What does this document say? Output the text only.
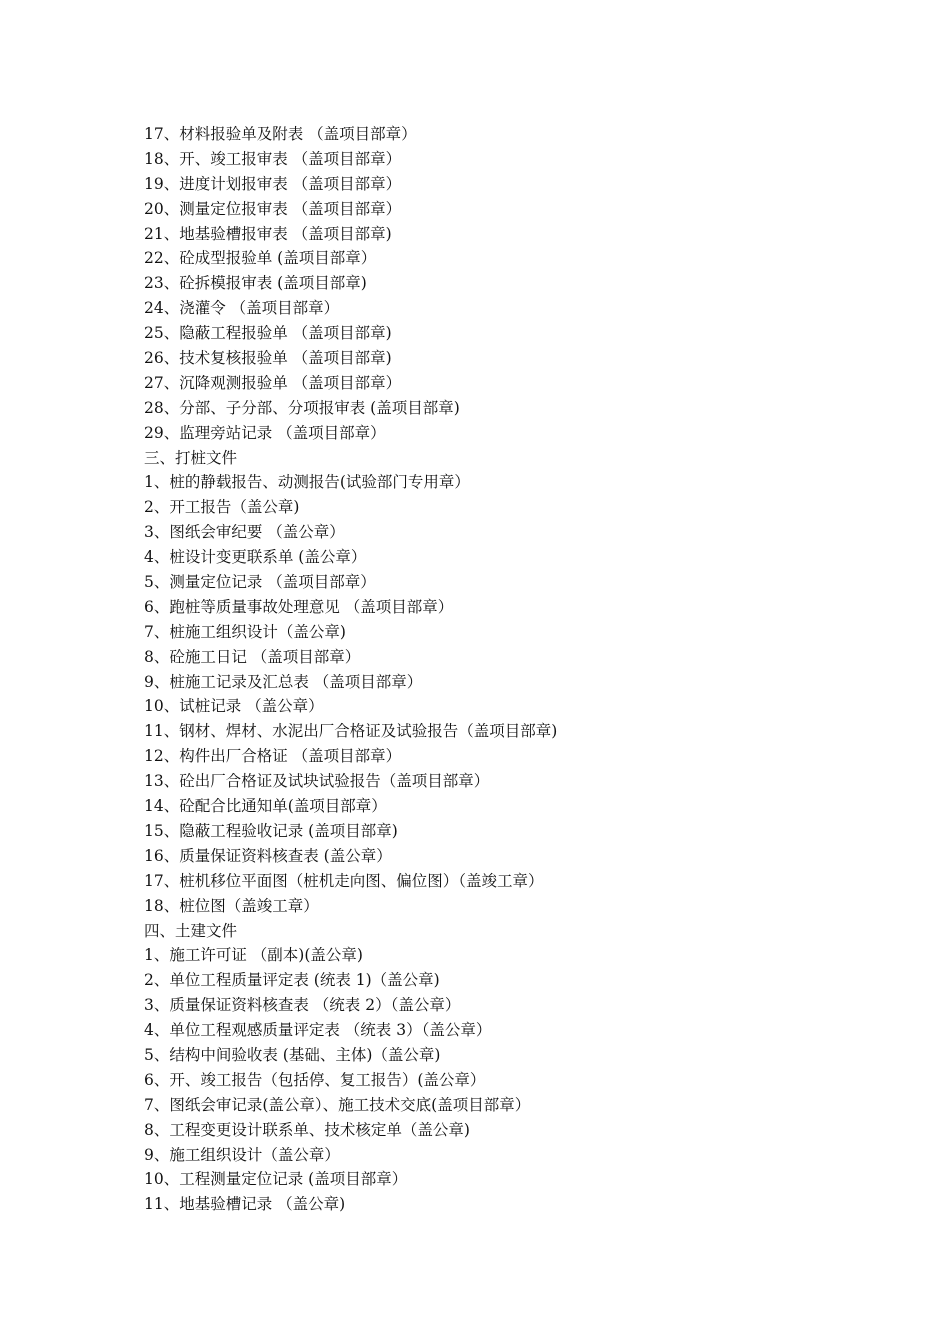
17、材料报验单及附表 （盖项目部章）
18、开、竣工报审表 （盖项目部章）
19、进度计划报审表 （盖项目部章）
20、测量定位报审表 （盖项目部章）
21、地基验槽报审表 （盖项目部章)
22、砼成型报验单 (盖项目部章）
23、砼拆模报审表 (盖项目部章)
24、浇灌令 （盖项目部章）
25、隐蔽工程报验单 （盖项目部章)
26、技术复核报验单 （盖项目部章)
27、沉降观测报验单 （盖项目部章）
28、分部、子分部、分项报审表 (盖项目部章)
29、监理旁站记录 （盖项目部章）
三、打桩文件
1、桩的静载报告、动测报告(试验部门专用章）
2、开工报告（盖公章)
3、图纸会审纪要 （盖公章）
4、桩设计变更联系单 (盖公章）
5、测量定位记录 （盖项目部章）
6、跑桩等质量事故处理意见 （盖项目部章）
7、桩施工组织设计（盖公章)
8、砼施工日记 （盖项目部章）
9、桩施工记录及汇总表 （盖项目部章）
10、试桩记录 （盖公章）
11、钢材、焊材、水泥出厂合格证及试验报告（盖项目部章)
12、构件出厂合格证 （盖项目部章）
13、砼出厂合格证及试块试验报告（盖项目部章）
14、砼配合比通知单(盖项目部章）
15、隐蔽工程验收记录 (盖项目部章)
16、质量保证资料核查表 (盖公章）
17、桩机移位平面图（桩机走向图、偏位图）（盖竣工章）
18、桩位图（盖竣工章）
四、土建文件
1、施工许可证 （副本)(盖公章)
2、单位工程质量评定表 (统表 1)（盖公章)
3、质量保证资料核查表 （统表 2）（盖公章）
4、单位工程观感质量评定表 （统表 3）（盖公章）
5、结构中间验收表 (基础、主体)（盖公章)
6、开、竣工报告（包括停、复工报告）(盖公章）
7、图纸会审记录(盖公章）、施工技术交底(盖项目部章）
8、工程变更设计联系单、技术核定单（盖公章)
9、施工组织设计（盖公章）
10、工程测量定位记录 (盖项目部章）
11、地基验槽记录 （盖公章)
